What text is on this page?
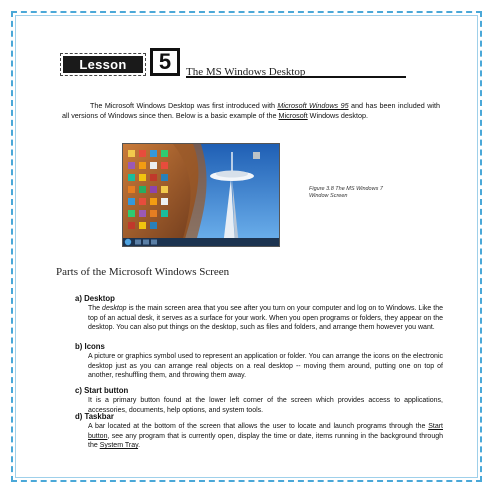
Lesson	5	The MS Windows Desktop

The Microsoft Windows Desktop was first introduced with Microsoft Windows 95 and has been included with all versions of Windows since then. Below is a basic example of the Microsoft Windows desktop.

Figure 3.8 The MS Windows 7
Window Screen
Parts of the Microsoft Windows Screen
a) Desktop
The desktop is the main screen area that you see after you turn on your computer and log on to Windows. Like the top of an actual desk, it serves as a surface for your work. When you open programs or folders, they appear on the desktop. You can also put things on the desktop, such as files and folders, and arrange them however you want.
b) Icons
A picture or graphics symbol used to represent an application or folder. You can arrange the icons on the electronic desktop just as you can arrange real objects on a real desktop -- moving them around, putting one on top of another, reshuffling them, and throwing them away.
c) Start button
It is a primary button found at the lower left corner of the screen which provides access to applications, accessories, documents, help options, and system tools.
d) Taskbar
A bar located at the bottom of the screen that allows the user to locate and launch programs through the Start button, see any program that is currently open, display the time or date, items running in the background through the System Tray.
